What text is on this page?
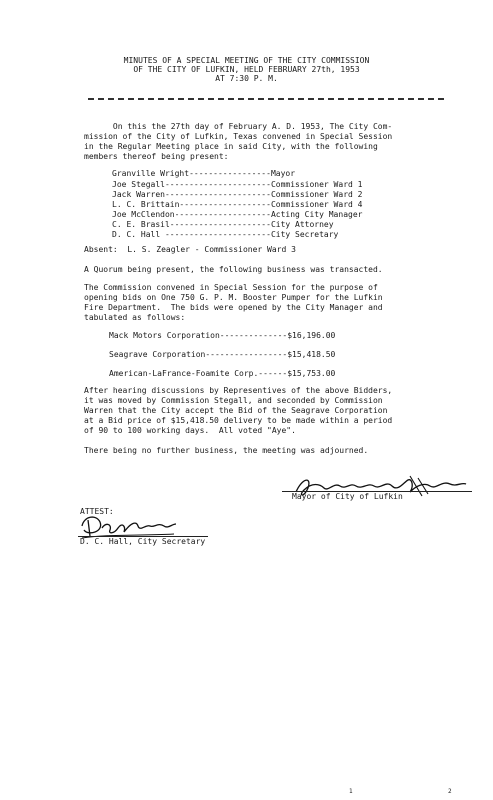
MINUTES OF A SPECIAL MEETING OF THE CITY COMMISSION
OF THE CITY OF LUFKIN, HELD FEBRUARY 27th, 1953
AT 7:30 P. M.
On this the 27th day of February A. D. 1953, The City Com-
mission of the City of Lufkin, Texas convened in Special Session
in the Regular Meeting place in said City, with the following
members thereof being present:
Granville Wright-----------------Mayor
Joe Stegall----------------------Commissioner Ward 1
Jack Warren----------------------Commissioner Ward 2
L. C. Brittain-------------------Commissioner Ward 4
Joe McClendon--------------------Acting City Manager
C. E. Brasil---------------------City Attorney
D. C. Hall ----------------------City Secretary
Absent:  L. S. Zeagler - Commissioner Ward 3
A Quorum being present, the following business was transacted.
The Commission convened in Special Session for the purpose of
opening bids on One 750 G. P. M. Booster Pumper for the Lufkin
Fire Department.  The bids were opened by the City Manager and
tabulated as follows:
Mack Motors Corporation--------------$16,196.00
Seagrave Corporation-----------------$15,418.50
American-LaFrance-Foamite Corp.------$15,753.00
After hearing discussions by Representives of the above Bidders,
it was moved by Commission Stegall, and seconded by Commission
Warren that the City accept the Bid of the Seagrave Corporation
at a Bid price of $15,418.50 delivery to be made within a period
of 90 to 100 working days.  All voted "Aye".
There being no further business, the meeting was adjourned.
Mayor of City of Lufkin
ATTEST:
D. C. Hall, City Secretary
1	2
